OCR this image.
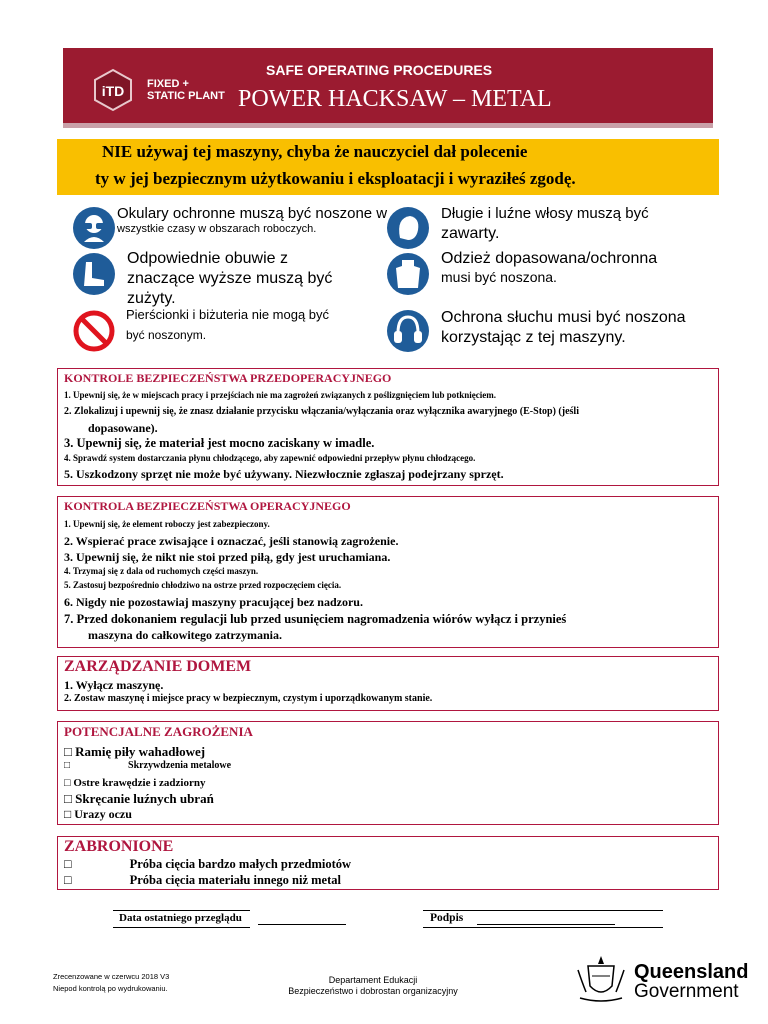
iTD FIXED +
STATIC PLANT
SAFE OPERATING PROCEDURES
POWER HACKSAW – METAL
NIE używaj tej maszyny, chyba że nauczyciel dał polecenie
ty w jej bezpiecznym użytkowaniu i eksploatacji i wyraziłeś zgodę.
Okulary ochronne muszą być noszone w
wszystkie czasy w obszarach roboczych.
Odpowiednie obuwie z
znaczące wyższe muszą być
zużyty.
Pierścionki i biżuteria nie mogą być
być noszonym.
Długie i luźne włosy muszą być
zawarty.
Odzież dopasowana/ochronna
musi być noszona.
Ochrona słuchu musi być noszona
korzystając z tej maszyny.
KONTROLE BEZPIECZEŃSTWA PRZEDOPERACYJNEGO
1. Upewnij się, że w miejscach pracy i przejściach nie ma zagrożeń związanych z poślizgnięciem lub potknięciem.
2. Zlokalizuj i upewnij się, że znasz działanie przycisku włączania/wyłączania oraz wyłącznika awaryjnego (E-Stop) (jeśli
dopasowane).
3. Upewnij się, że materiał jest mocno zaciskany w imadle.
4. Sprawdź system dostarczania płynu chłodzącego, aby zapewnić odpowiedni przepływ płynu chłodzącego.
5. Uszkodzony sprzęt nie może być używany. Niezwłocznie zgłaszaj podejrzany sprzęt.
KONTROLA BEZPIECZEŃSTWA OPERACYJNEGO
1. Upewnij się, że element roboczy jest zabezpieczony.
2. Wspierać prace zwisające i oznaczać, jeśli stanowią zagrożenie.
3. Upewnij się, że nikt nie stoi przed piłą, gdy jest uruchamiana.
4. Trzymaj się z dala od ruchomych części maszyn.
5. Zastosuj bezpośrednio chłodziwo na ostrze przed rozpoczęciem cięcia.
6. Nigdy nie pozostawiaj maszyny pracującej bez nadzoru.
7. Przed dokonaniem regulacji lub przed usunięciem nagromadzenia wiórów wyłącz i przynieś
maszyna do całkowitego zatrzymania.
ZARZĄDZANIE DOMEM
1. Wyłącz maszynę.
2. Zostaw maszynę i miejsce pracy w bezpiecznym, czystym i uporządkowanym stanie.
POTENCJALNE ZAGROŻENIA
□ Ramię piły wahadłowej
□	Skrzywdzenia metalowe
□ Ostre krawędzie i zadziorny
□ Skręcanie luźnych ubrań
□ Urazy oczu
ZABRONIONE
□	Próba cięcia bardzo małych przedmiotów
□	Próba cięcia materiału innego niż metal
Data ostatniego przeglądu	Podpis
Zrecenzowane w czerwcu 2018 V3
Niepod kontrolą po wydrukowaniu.
Departament Edukacji
Bezpieczeństwo i dobrostan organizacyjny
Queensland
Government
